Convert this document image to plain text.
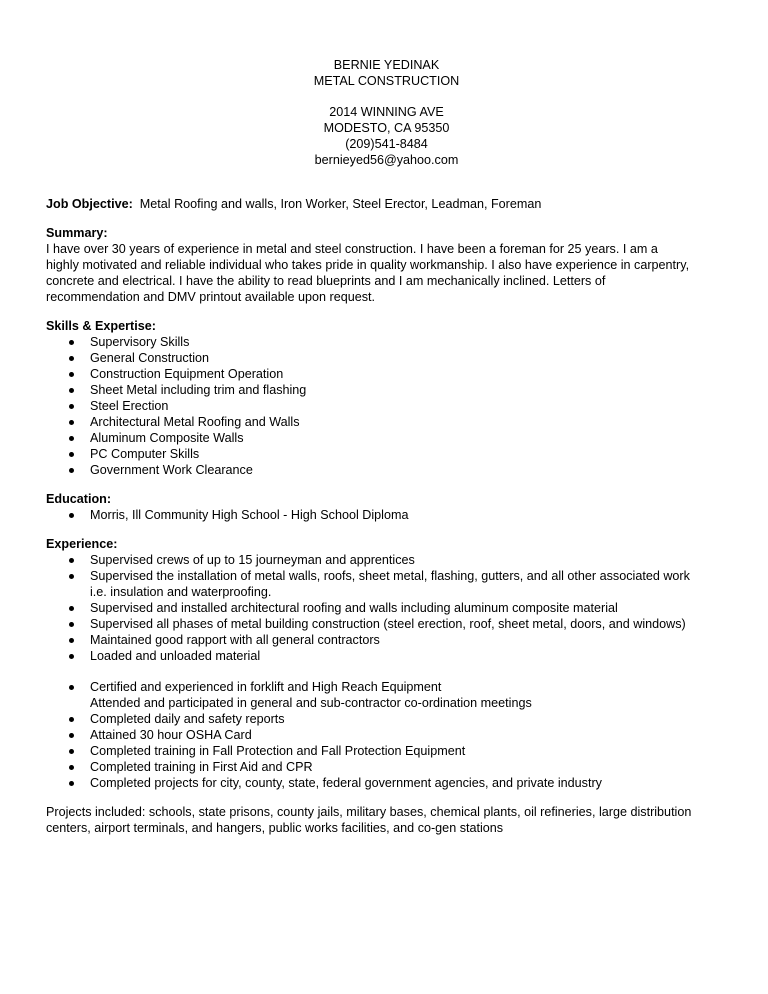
BERNIE YEDINAK
METAL CONSTRUCTION
2014 WINNING AVE
MODESTO, CA 95350
(209)541-8484
bernieyed56@yahoo.com
Job Objective: Metal Roofing and walls, Iron Worker, Steel Erector, Leadman, Foreman
Summary:
I have over 30 years of experience in metal and steel construction. I have been a foreman for 25 years. I am a
highly motivated and reliable individual who takes pride in quality workmanship. I also have experience in carpentry,
concrete and electrical. I have the ability to read blueprints and I am mechanically inclined. Letters of
recommendation and DMV printout available upon request.
Skills & Expertise:
Supervisory Skills
General Construction
Construction Equipment Operation
Sheet Metal including trim and flashing
Steel Erection
Architectural Metal Roofing and Walls
Aluminum Composite Walls
PC Computer Skills
Government Work Clearance
Education:
Morris, Ill Community High School - High School Diploma
Experience:
Supervised crews of up to 15 journeyman and apprentices
Supervised the installation of metal walls, roofs, sheet metal, flashing, gutters, and all other associated work
i.e. insulation and waterproofing.
Supervised and installed architectural roofing and walls including aluminum composite material
Supervised all phases of metal building construction (steel erection, roof, sheet metal, doors, and windows)
Maintained good rapport with all general contractors
Loaded and unloaded material
Certified and experienced in forklift and High Reach Equipment
Attended and participated in general and sub-contractor co-ordination meetings
Completed daily and safety reports
Attained 30 hour OSHA Card
Completed training in Fall Protection and Fall Protection Equipment
Completed training in First Aid and CPR
Completed projects for city, county, state, federal government agencies, and private industry
Projects included: schools, state prisons, county jails, military bases, chemical plants, oil refineries, large distribution
centers, airport terminals, and hangers, public works facilities, and co-gen stations
